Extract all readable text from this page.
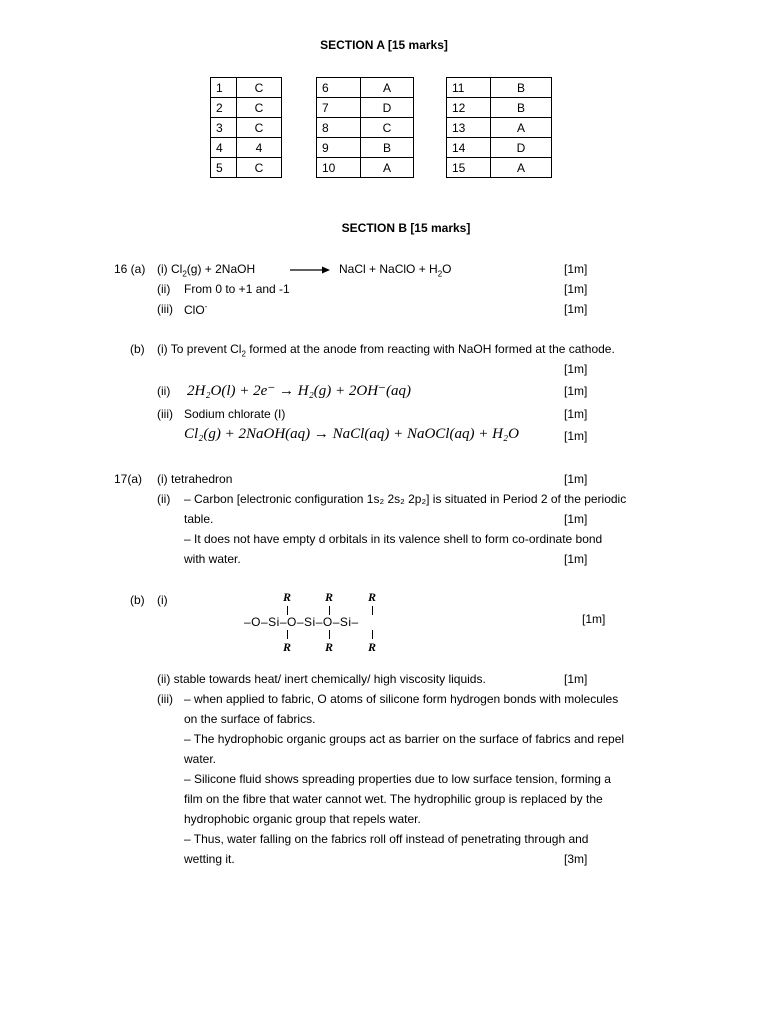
SECTION A [15 marks]
1	C
2	C
3	C
4	4
5	C
6	A
7	D
8	C
9	B
10	A
11	B
12	B
13	A
14	D
15	A
SECTION B [15 marks]
16 (a) (i) $Cl_2(g)$ + 2NaOH	→ NaCl + NaClO + $H_2O$	[1m]
(ii) From 0 to +1 and -1	[1m]
(iii) ClO-	[1m]
(b) (i) To prevent $Cl_2$ formed at the anode from reacting with NaOH formed at the cathode.
[1m]
(ii) 2H₂O(l) + 2e⁻ → H₂(g) + 2OH⁻(aq)	[1m]
(iii) Sodium chlorate (I)	[1m]
Cl₂(g) + 2NaOH(aq) → NaCl(aq) + NaOCl(aq) + H₂O	[1m]
17(a) (i) tetrahedron	[1m]
(ii) – Carbon [electronic configuration 1s₂ 2s₂ 2p₂] is situated in Period 2 of the periodic
table.	[1m]
– It does not have empty d orbitals in its valence shell to form co-ordinate bond
with water.	[1m]
(b) (i)	R	R	R
–O–Si–O–Si–O–Si–
R	R	R
[1m]
(ii) stable towards heat/ inert chemically/ high viscosity liquids.	[1m]
(iii) – when applied to fabric, O atoms of silicone form hydrogen bonds with molecules
on the surface of fabrics.
– The hydrophobic organic groups act as barrier on the surface of fabrics and repel
water.
– Silicone fluid shows spreading properties due to low surface tension, forming a
film on the fibre that water cannot wet. The hydrophilic group is replaced by the
hydrophobic organic group that repels water.
– Thus, water falling on the fabrics roll off instead of penetrating through and
wetting it.	[3m]
